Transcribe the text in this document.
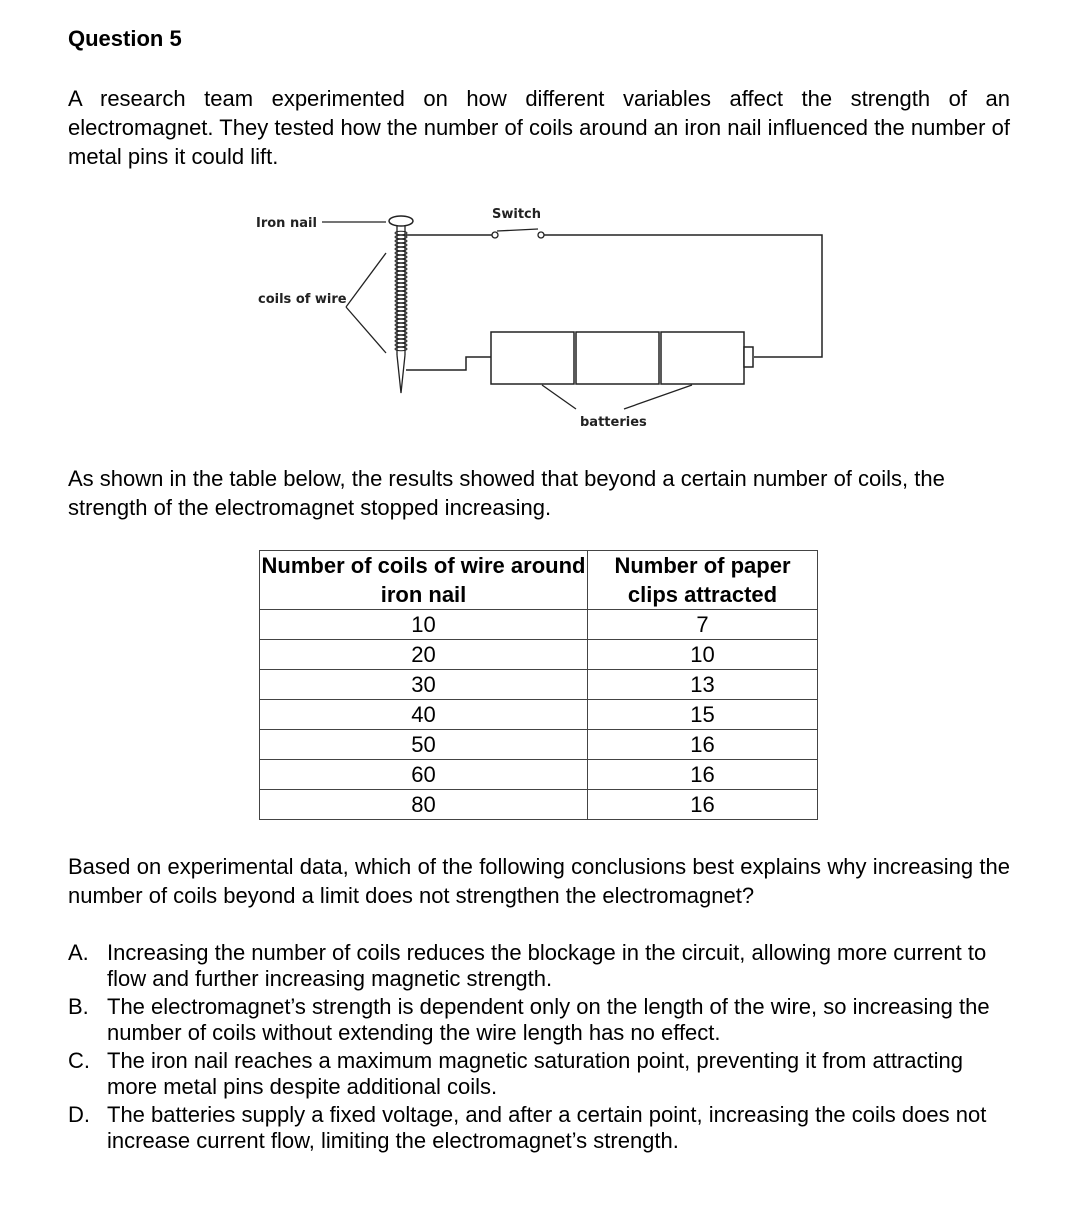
Question 5
A research team experimented on how different variables affect the strength of an electromagnet. They tested how the number of coils around an iron nail influenced the number of metal pins it could lift.
Iron nail
coils of wire
Switch
batteries
As shown in the table below, the results showed that beyond a certain number of coils, the strength of the electromagnet stopped increasing.
Number of coils of wire around iron nail	Number of paper clips attracted
10	7
20	10
30	13
40	15
50	16
60	16
80	16
Based on experimental data, which of the following conclusions best explains why increasing the number of coils beyond a limit does not strengthen the electromagnet?
A. Increasing the number of coils reduces the blockage in the circuit, allowing more current to flow and further increasing magnetic strength.
B. The electromagnet’s strength is dependent only on the length of the wire, so increasing the number of coils without extending the wire length has no effect.
C. The iron nail reaches a maximum magnetic saturation point, preventing it from attracting more metal pins despite additional coils.
D. The batteries supply a fixed voltage, and after a certain point, increasing the coils does not increase current flow, limiting the electromagnet’s strength.
